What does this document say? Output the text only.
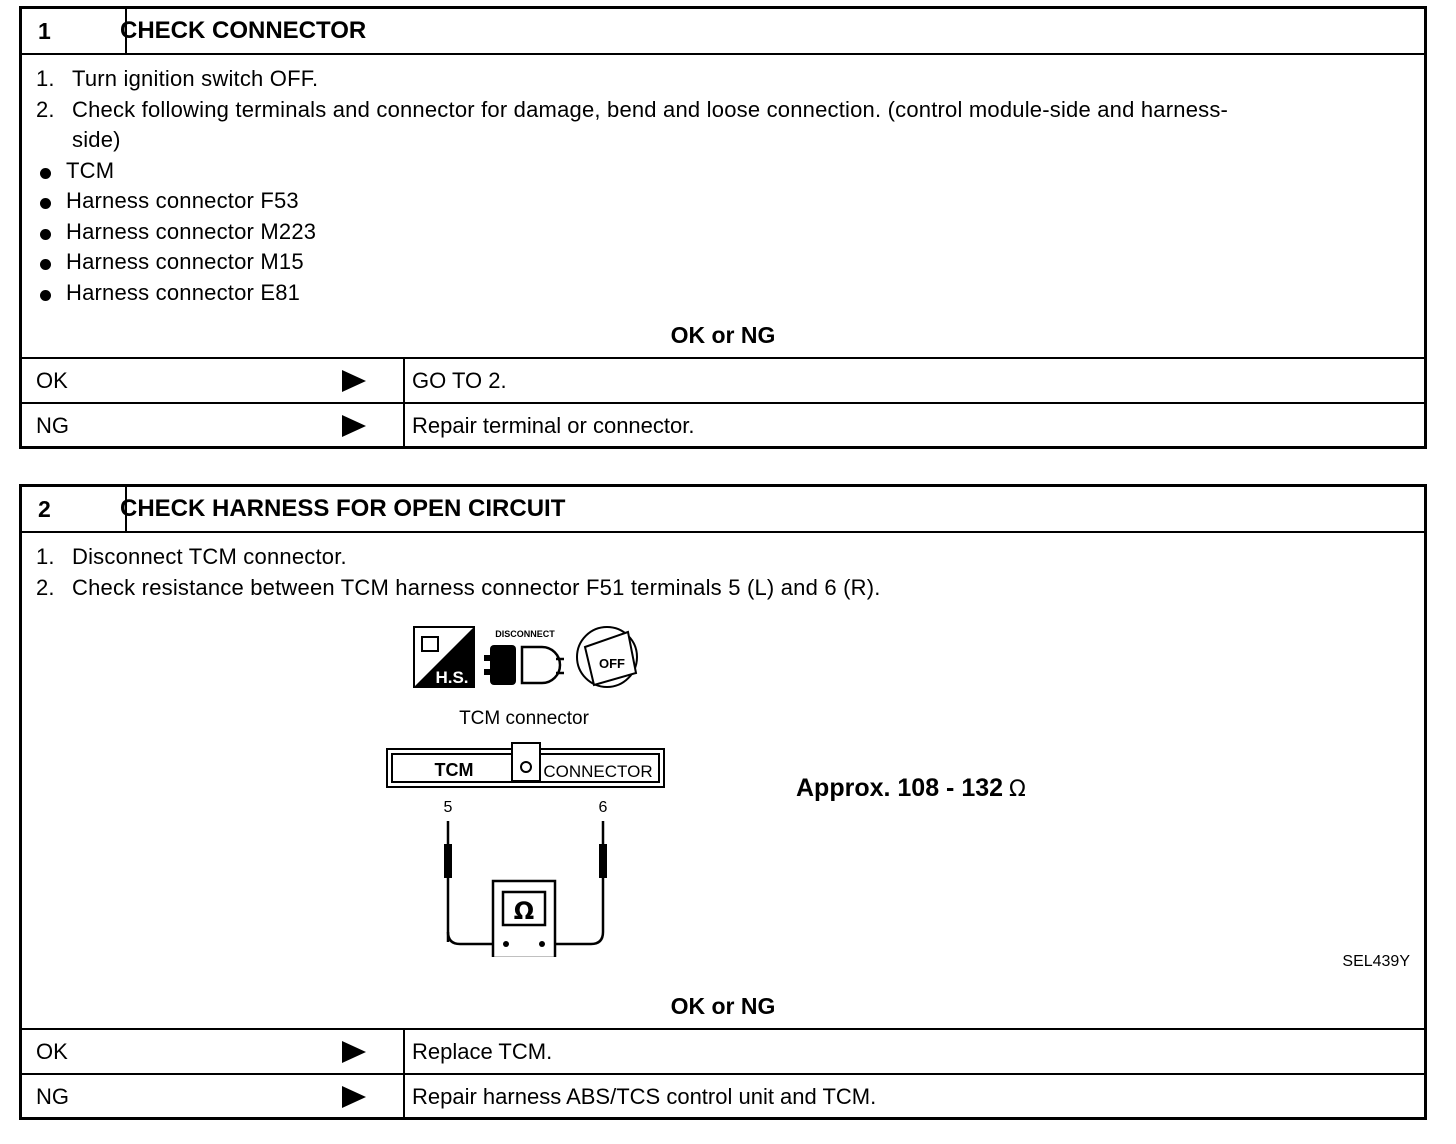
1	CHECK CONNECTOR
1. Turn ignition switch OFF.
2. Check following terminals and connector for damage, bend and loose connection. (control module-side and harness-
side)
TCM
Harness connector F53
Harness connector M223
Harness connector M15
Harness connector E81
OK or NG
OK	GO TO 2.
NG	Repair terminal or connector.
2	CHECK HARNESS FOR OPEN CIRCUIT
1. Disconnect TCM connector.
2. Check resistance between TCM harness connector F51 terminals 5 (L) and 6 (R).
H.S.
DISCONNECT
OFF
TCM connector
TCM	CONNECTOR
5	6
Ω
Approx. 108 - 132 Ω
SEL439Y
OK or NG
OK	Replace TCM.
NG	Repair harness ABS/TCS control unit and TCM.
